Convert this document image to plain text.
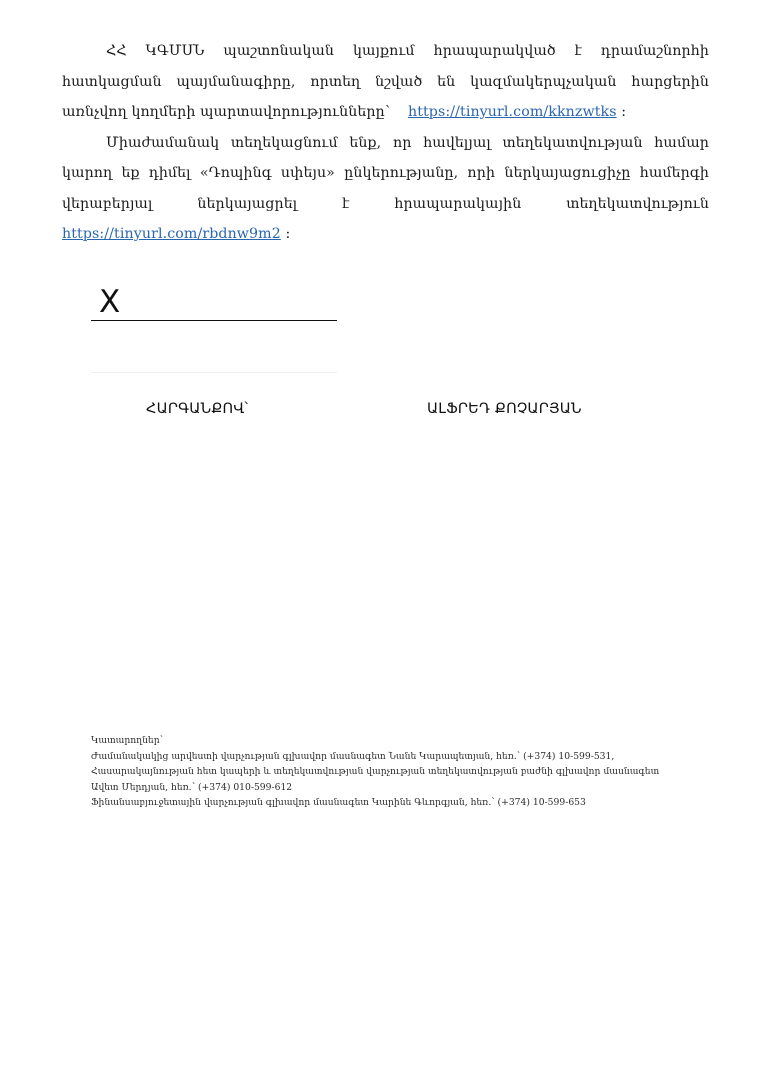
ՀՀ ԿԳՄՍՆ պաշտոնական կայքում հրապարակված է դրամաշնորհի հատկացման պայմանագիրը, որտեղ նշված են կազմակերպչական հարցերին առնչվող կողմերի պարտավորությունները՝ https://tinyurl.com/kknzwtks :

Միաժամանակ տեղեկացնում ենք, որ հավելյալ տեղեկատվության համար կարող եք դիմել «Դոպինգ սփեյս» ընկերությանը, որի ներկայացուցիչը համերգի վերաբերյալ ներկայացրել է հրապարակային տեղեկատվություն https://tinyurl.com/rbdnw9m2 :

X
ՀԱՐԳԱՆՔՈՎ՝	ԱԼՖՐԵԴ ՔՈՉԱՐՅԱՆ
Կատարողներ՝
Ժամանակակից արվեստի վարչության գլխավոր մասնագետ Նանե Կարապետյան, հեռ․՝ (+374) 10-599-531,
Հասարակայնության հետ կապերի և տեղեկատվության վարչության տեղեկատվության բաժնի գլխավոր մասնագետ
Ավետ Մերդյան, հեռ․՝ (+374) 010-599-612
Ֆինանսաբյուջետային վարչության գլխավոր մասնագետ Կարինե Գևորգյան, հեռ․՝ (+374) 10-599-653
